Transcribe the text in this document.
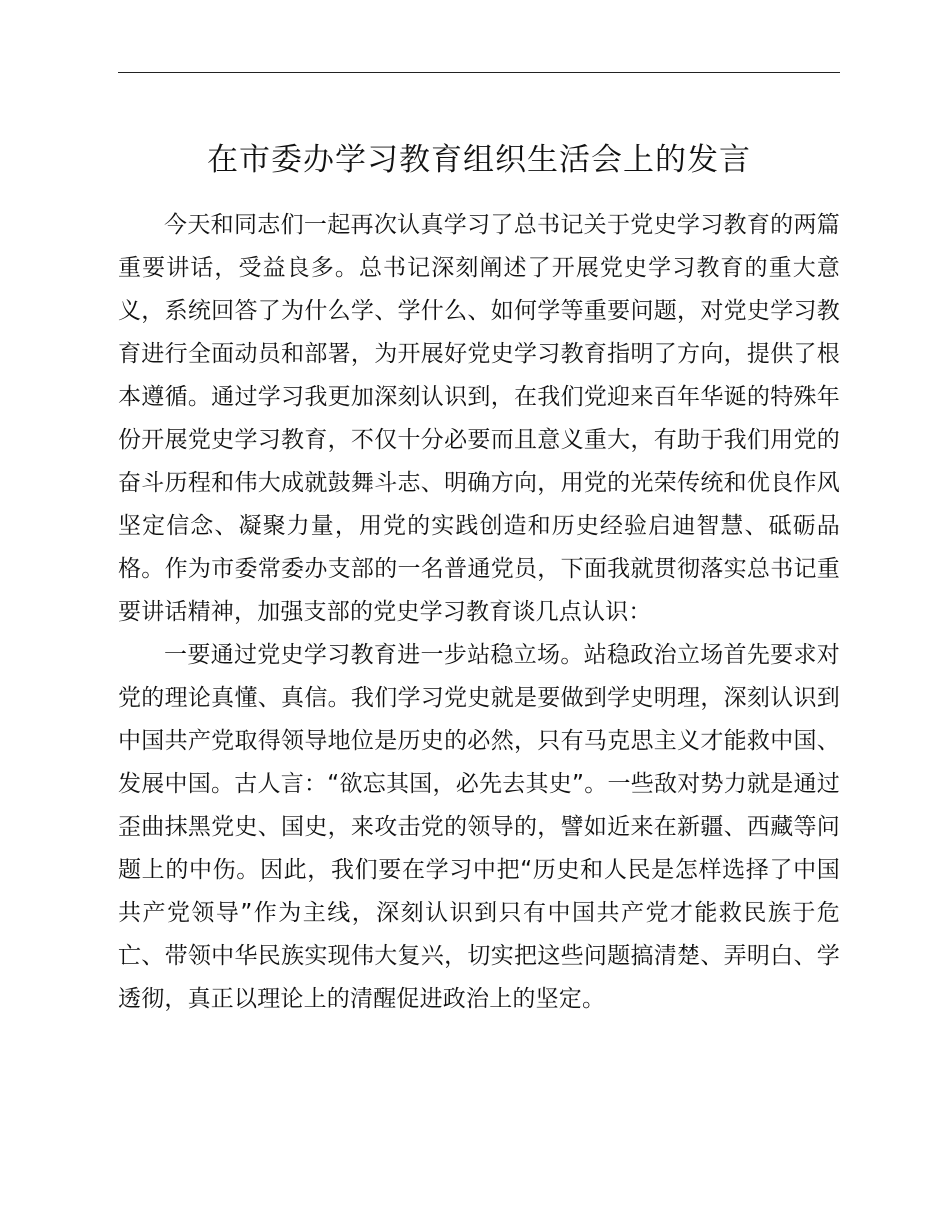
在市委办学习教育组织生活会上的发言

今天和同志们一起再次认真学习了总书记关于党史学习教育的两篇重要讲话，受益良多。总书记深刻阐述了开展党史学习教育的重大意义，系统回答了为什么学、学什么、如何学等重要问题，对党史学习教育进行全面动员和部署，为开展好党史学习教育指明了方向，提供了根本遵循。通过学习我更加深刻认识到，在我们党迎来百年华诞的特殊年份开展党史学习教育，不仅十分必要而且意义重大，有助于我们用党的奋斗历程和伟大成就鼓舞斗志、明确方向，用党的光荣传统和优良作风坚定信念、凝聚力量，用党的实践创造和历史经验启迪智慧、砥砺品格。作为市委常委办支部的一名普通党员，下面我就贯彻落实总书记重要讲话精神，加强支部的党史学习教育谈几点认识：

一要通过党史学习教育进一步站稳立场。站稳政治立场首先要求对党的理论真懂、真信。我们学习党史就是要做到学史明理，深刻认识到中国共产党取得领导地位是历史的必然，只有马克思主义才能救中国、发展中国。古人言：“欲忘其国，必先去其史”。一些敌对势力就是通过歪曲抹黑党史、国史，来攻击党的领导的，譬如近来在新疆、西藏等问题上的中伤。因此，我们要在学习中把“历史和人民是怎样选择了中国共产党领导”作为主线，深刻认识到只有中国共产党才能救民族于危亡、带领中华民族实现伟大复兴，切实把这些问题搞清楚、弄明白、学透彻，真正以理论上的清醒促进政治上的坚定。
